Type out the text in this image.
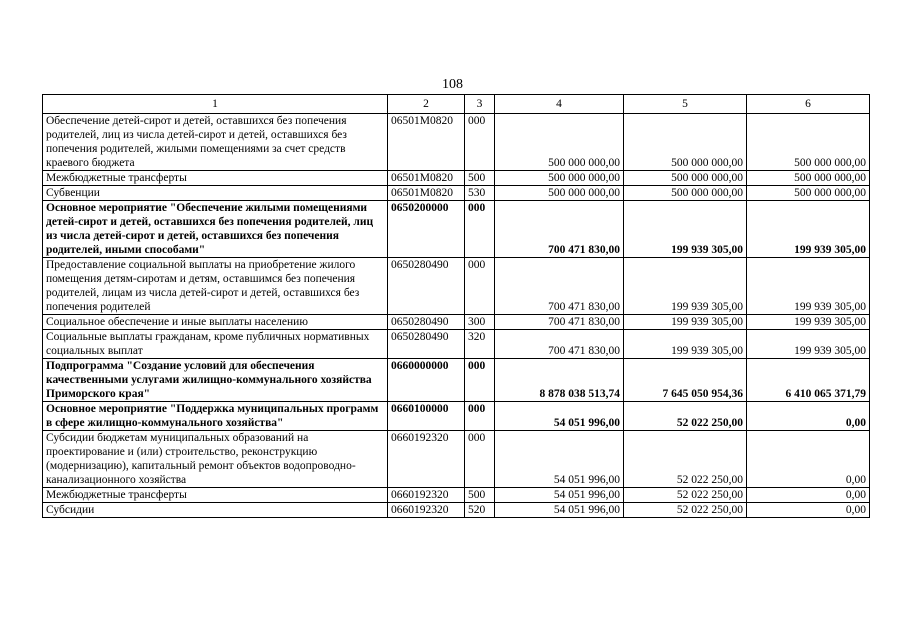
108
1	2	3	4	5	6
Обеспечение детей-сирот и детей, оставшихся без попечения родителей, лиц из числа детей-сирот и детей, оставшихся без попечения родителей, жилыми помещениями за счет средств краевого бюджета	06501М0820	000	500 000 000,00	500 000 000,00	500 000 000,00
Межбюджетные трансферты	06501М0820	500	500 000 000,00	500 000 000,00	500 000 000,00
Субвенции	06501М0820	530	500 000 000,00	500 000 000,00	500 000 000,00
Основное мероприятие "Обеспечение жилыми помещениями детей-сирот и детей, оставшихся без попечения родителей, лиц из числа детей-сирот и детей, оставшихся без попечения родителей, иными способами"	0650200000	000	700 471 830,00	199 939 305,00	199 939 305,00
Предоставление социальной выплаты на приобретение жилого помещения детям-сиротам и детям, оставшимся без попечения родителей, лицам из числа детей-сирот и детей, оставшихся без попечения родителей	0650280490	000	700 471 830,00	199 939 305,00	199 939 305,00
Социальное обеспечение и иные выплаты населению	0650280490	300	700 471 830,00	199 939 305,00	199 939 305,00
Социальные выплаты гражданам, кроме публичных нормативных социальных выплат	0650280490	320	700 471 830,00	199 939 305,00	199 939 305,00
Подпрограмма "Создание условий для обеспечения качественными услугами жилищно-коммунального хозяйства Приморского края"	0660000000	000	8 878 038 513,74	7 645 050 954,36	6 410 065 371,79
Основное мероприятие "Поддержка муниципальных программ в сфере жилищно-коммунального хозяйства"	0660100000	000	54 051 996,00	52 022 250,00	0,00
Субсидии бюджетам муниципальных образований на проектирование и (или) строительство, реконструкцию (модернизацию), капитальный ремонт объектов водопроводно-канализационного хозяйства	0660192320	000	54 051 996,00	52 022 250,00	0,00
Межбюджетные трансферты	0660192320	500	54 051 996,00	52 022 250,00	0,00
Субсидии	0660192320	520	54 051 996,00	52 022 250,00	0,00
